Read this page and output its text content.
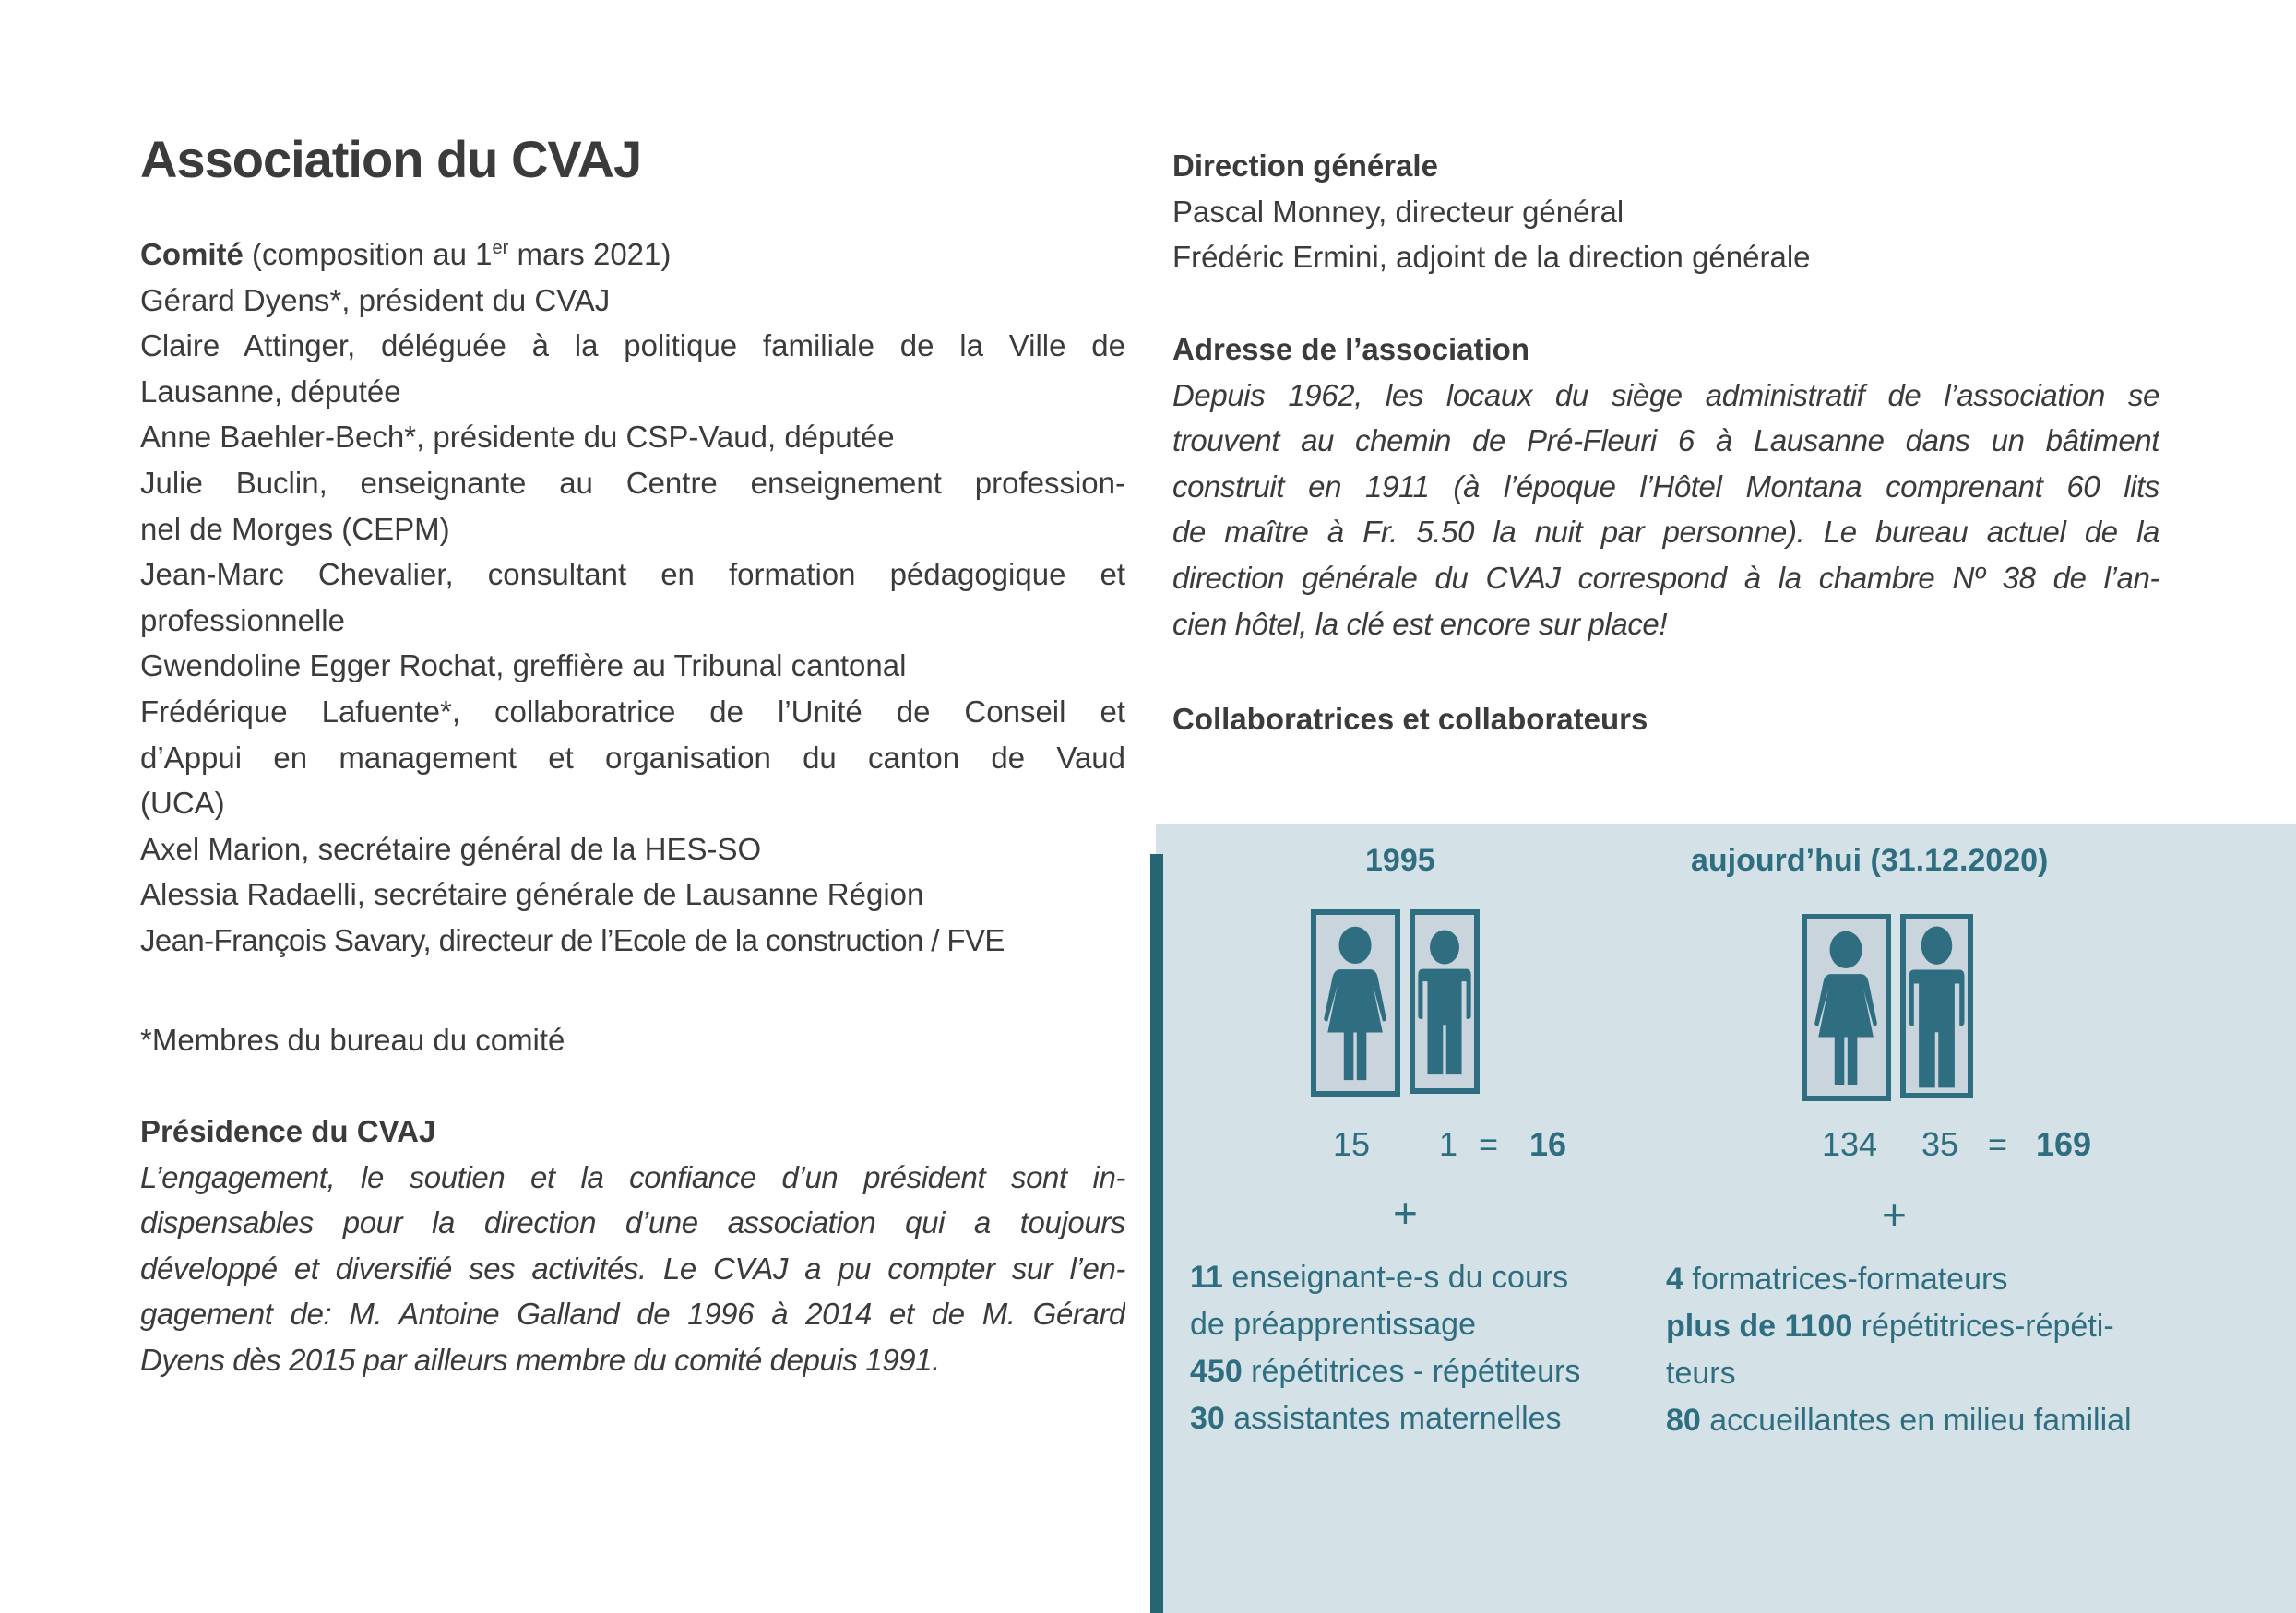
Association du CVAJ
Comité (composition au 1er mars 2021)
Gérard Dyens*, président du CVAJ
Claire Attinger, déléguée à la politique familiale de la Ville de
Lausanne, députée
Anne Baehler-Bech*, présidente du CSP-Vaud, députée
Julie Buclin, enseignante au Centre enseignement profession-
nel de Morges (CEPM)
Jean-Marc Chevalier, consultant en formation pédagogique et
professionnelle
Gwendoline Egger Rochat, greffière au Tribunal cantonal
Frédérique Lafuente*, collaboratrice de l’Unité de Conseil et
d’Appui en management et organisation du canton de Vaud
(UCA)
Axel Marion, secrétaire général de la HES-SO
Alessia Radaelli, secrétaire générale de Lausanne Région
Jean-François Savary, directeur de l’Ecole de la construction / FVE
*Membres du bureau du comité
Présidence du CVAJ
L’engagement, le soutien et la confiance d’un président sont in-
dispensables pour la direction d’une association qui a toujours
développé et diversifié ses activités. Le CVAJ a pu compter sur l’en-
gagement de: M. Antoine Galland de 1996 à 2014 et de M. Gérard
Dyens dès 2015 par ailleurs membre du comité depuis 1991.
Direction générale
Pascal Monney, directeur général
Frédéric Ermini, adjoint de la direction générale
Adresse de l’association
Depuis 1962, les locaux du siège administratif de l’association se
trouvent au chemin de Pré-Fleuri 6 à Lausanne dans un bâtiment
construit en 1911 (à l’époque l’Hôtel Montana comprenant 60 lits
de maître à Fr. 5.50 la nuit par personne). Le bureau actuel de la
direction générale du CVAJ correspond à la chambre Nº 38 de l’an-
cien hôtel, la clé est encore sur place!
Collaboratrices et collaborateurs
1995
15 1 = 16
+
11 enseignant-e-s du cours
de préapprentissage
450 répétitrices - répétiteurs
30 assistantes maternelles
aujourd’hui (31.12.2020)
134 35 = 169
+
4 formatrices-formateurs
plus de 1100 répétitrices-répéti-
teurs
80 accueillantes en milieu familial
